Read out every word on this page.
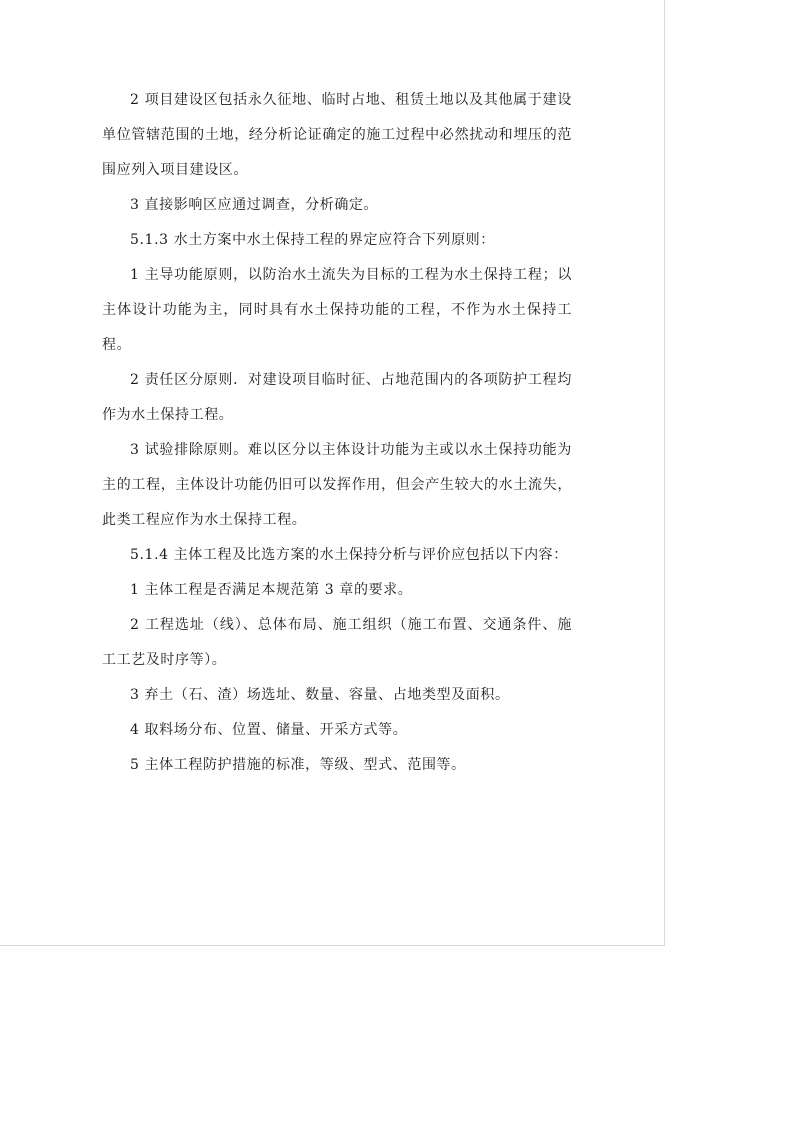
2 项目建设区包括永久征地、临时占地、租赁土地以及其他属于建设单位管辖范围的土地，经分析论证确定的施工过程中必然扰动和埋压的范围应列入项目建设区。

3 直接影响区应通过调查，分析确定。

5.1.3 水土方案中水土保持工程的界定应符合下列原则：

1 主导功能原则，以防治水土流失为目标的工程为水土保持工程；以主体设计功能为主，同时具有水土保持功能的工程，不作为水土保持工程。

2 责任区分原则．对建设项目临时征、占地范围内的各项防护工程均作为水土保持工程。

3 试验排除原则。难以区分以主体设计功能为主或以水土保持功能为主的工程，主体设计功能仍旧可以发挥作用，但会产生较大的水土流失，此类工程应作为水土保持工程。

5.1.4 主体工程及比选方案的水土保持分析与评价应包括以下内容：

1 主体工程是否满足本规范第 3 章的要求。

2 工程选址（线）、总体布局、施工组织（施工布置、交通条件、施工工艺及时序等）。

3 弃土（石、渣）场选址、数量、容量、占地类型及面积。

4 取料场分布、位置、储量、开采方式等。

5 主体工程防护措施的标准，等级、型式、范围等。
